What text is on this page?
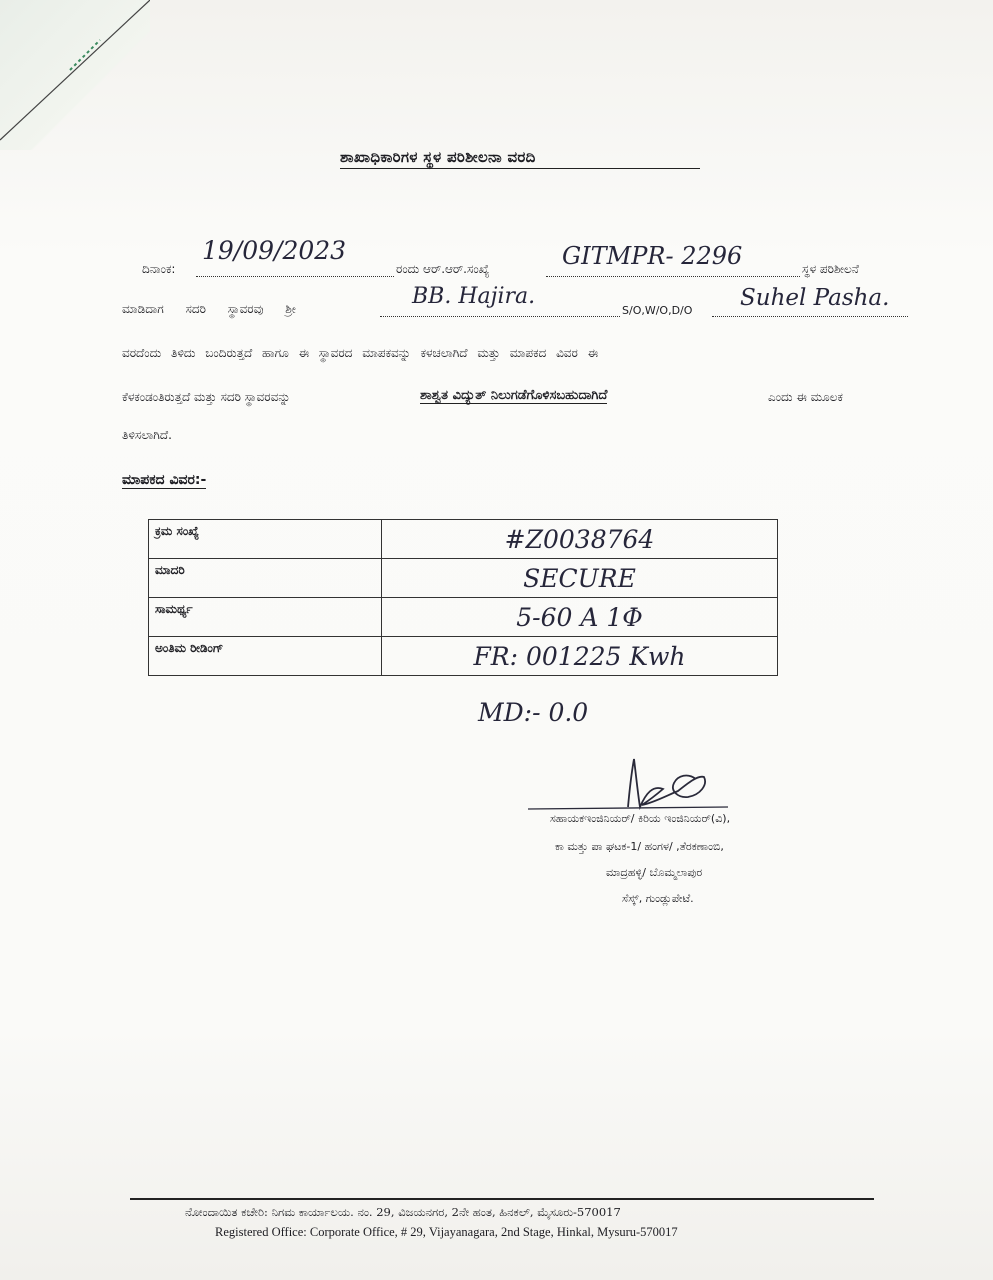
ಶಾಖಾಧಿಕಾರಿಗಳ ಸ್ಥಳ ಪರಿಶೀಲನಾ ವರದಿ
ದಿನಾಂಕ:
19/09/2023
ರಂದು ಆರ್.ಆರ್.ಸಂಖ್ಯೆ	GITMPR- 2296	ಸ್ಥಳ ಪರಿಶೀಲನೆ
ಮಾಡಿದಾಗ ಸದರಿ ಸ್ಥಾವರವು ಶ್ರೀ	BB. Hajira.
S/O,W/O,D/O Suhel Pasha.
ವರದೆಂದು ತಿಳಿದು ಬಂದಿರುತ್ತದೆ ಹಾಗೂ ಈ ಸ್ಥಾವರದ ಮಾಪಕವನ್ನು ಕಳಚಲಾಗಿದೆ ಮತ್ತು ಮಾಪಕದ ವಿವರ ಈ
ಕೆಳಕಂಡಂತಿರುತ್ತದೆ ಮತ್ತು ಸದರಿ ಸ್ಥಾವರವನ್ನು	ಶಾಶ್ವತ ವಿದ್ಯುತ್ ನಿಲುಗಡೆಗೊಳಿಸಬಹುದಾಗಿದೆ	ಎಂದು ಈ ಮೂಲಕ
ತಿಳಿಸಲಾಗಿದೆ.
ಮಾಪಕದ ವಿವರ:-
ಕ್ರಮ ಸಂಖ್ಯೆ	#Z0038764
ಮಾದರಿ	SECURE
ಸಾಮರ್ಥ್ಯ	5-60 A 1Φ
ಅಂತಿಮ ರೀಡಿಂಗ್	FR: 001225 Kwh
MD:- 0.0
ಸಹಾಯಕಇಂಜಿನಿಯರ್/ ಕಿರಿಯ ಇಂಜಿನಿಯರ್(ವಿ),
ಕಾ ಮತ್ತು ಪಾ ಘಟಕ-1/ ಹಂಗಳ/ ,ತೆರಕಣಾಂಬಿ,
ಮಾದ್ರಹಳ್ಳಿ/ ಬೊಮ್ಮಲಾಪುರ
ಸೆಸ್ಕ್, ಗುಂಡ್ಲುಪೇಟೆ.
ನೋಂದಾಯಿತ ಕಚೇರಿ: ನಿಗಮ ಕಾರ್ಯಾಲಯ. ನಂ. 29, ವಿಜಯನಗರ, 2ನೇ ಹಂತ, ಹಿನಕಲ್, ಮೈಸೂರು-570017
Registered Office: Corporate Office, # 29, Vijayanagara, 2nd Stage, Hinkal, Mysuru-570017
